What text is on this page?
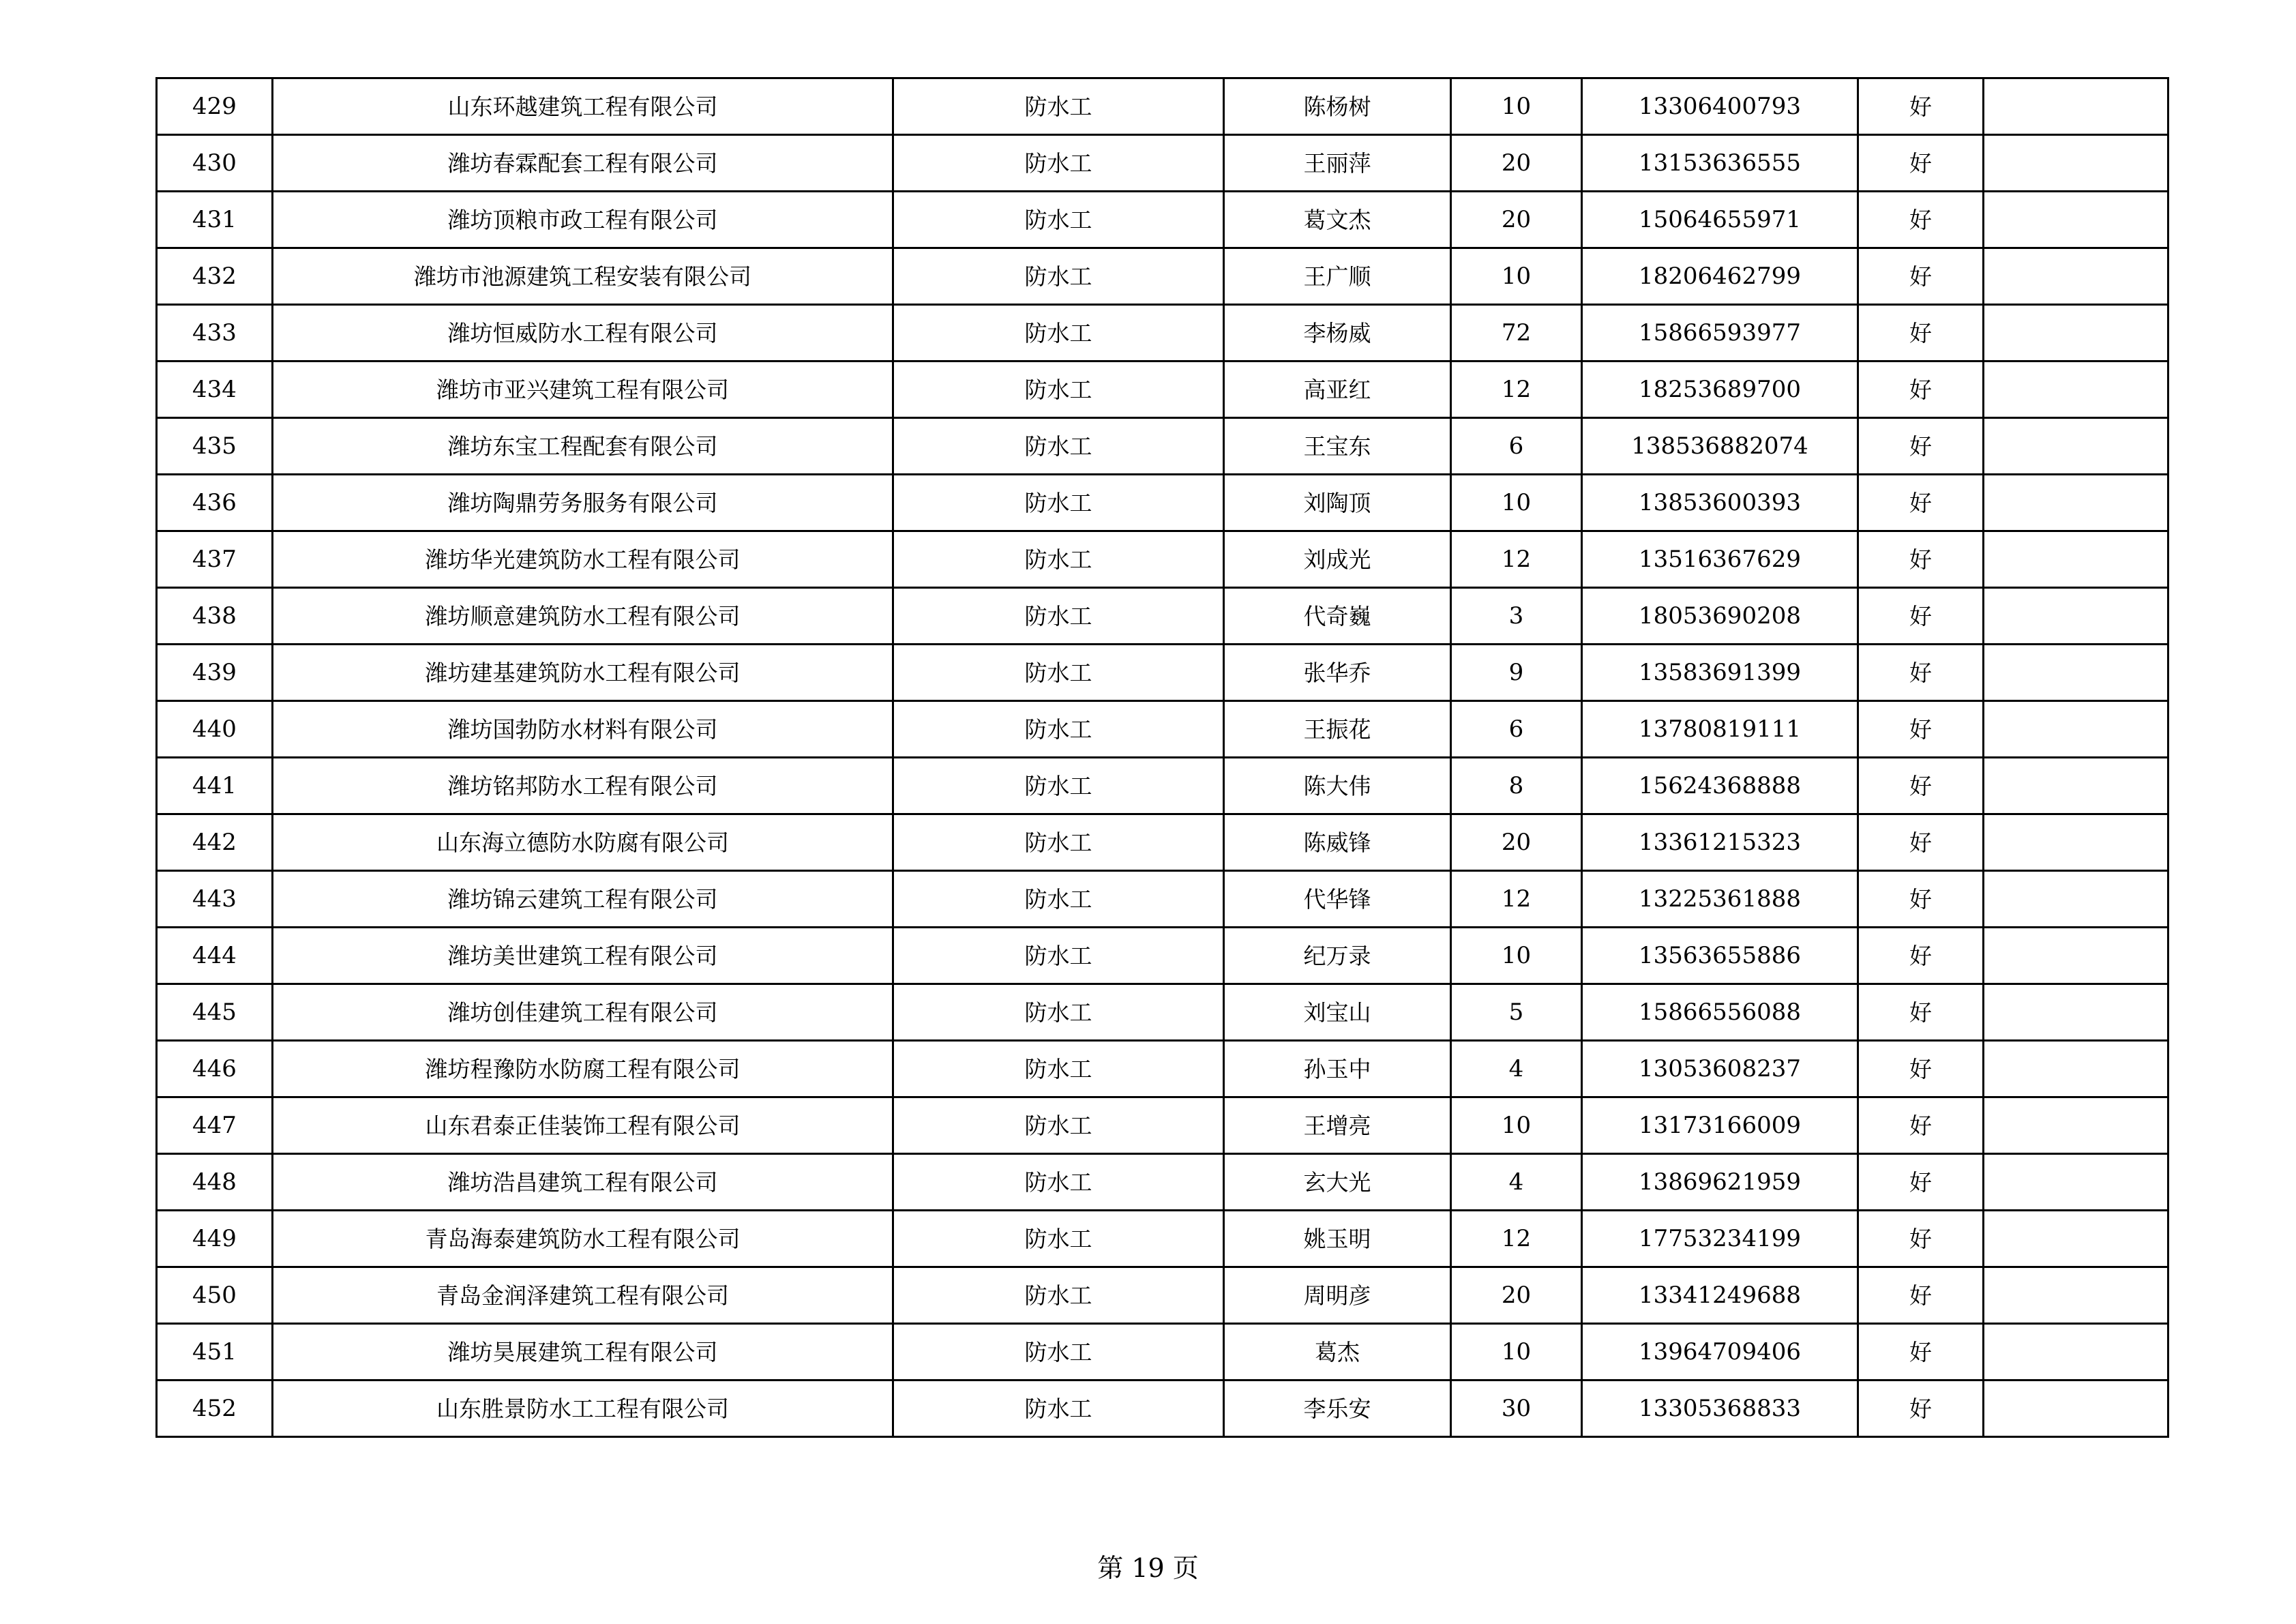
429	山东环越建筑工程有限公司	防水工	陈杨树	10	13306400793	好	
430	潍坊春霖配套工程有限公司	防水工	王丽萍	20	13153636555	好	
431	潍坊顶粮市政工程有限公司	防水工	葛文杰	20	15064655971	好	
432	潍坊市池源建筑工程安装有限公司	防水工	王广顺	10	18206462799	好	
433	潍坊恒威防水工程有限公司	防水工	李杨威	72	15866593977	好	
434	潍坊市亚兴建筑工程有限公司	防水工	高亚红	12	18253689700	好	
435	潍坊东宝工程配套有限公司	防水工	王宝东	6	138536882074	好	
436	潍坊陶鼎劳务服务有限公司	防水工	刘陶顶	10	13853600393	好	
437	潍坊华光建筑防水工程有限公司	防水工	刘成光	12	13516367629	好	
438	潍坊顺意建筑防水工程有限公司	防水工	代奇巍	3	18053690208	好	
439	潍坊建基建筑防水工程有限公司	防水工	张华乔	9	13583691399	好	
440	潍坊国勃防水材料有限公司	防水工	王振花	6	13780819111	好	
441	潍坊铭邦防水工程有限公司	防水工	陈大伟	8	15624368888	好	
442	山东海立德防水防腐有限公司	防水工	陈威锋	20	13361215323	好	
443	潍坊锦云建筑工程有限公司	防水工	代华锋	12	13225361888	好	
444	潍坊美世建筑工程有限公司	防水工	纪万录	10	13563655886	好	
445	潍坊创佳建筑工程有限公司	防水工	刘宝山	5	15866556088	好	
446	潍坊程豫防水防腐工程有限公司	防水工	孙玉中	4	13053608237	好	
447	山东君泰正佳装饰工程有限公司	防水工	王增亮	10	13173166009	好	
448	潍坊浩昌建筑工程有限公司	防水工	玄大光	4	13869621959	好	
449	青岛海泰建筑防水工程有限公司	防水工	姚玉明	12	17753234199	好	
450	青岛金润泽建筑工程有限公司	防水工	周明彦	20	13341249688	好	
451	潍坊昊展建筑工程有限公司	防水工	葛杰	10	13964709406	好	
452	山东胜景防水工工程有限公司	防水工	李乐安	30	13305368833	好	
第 19 页
